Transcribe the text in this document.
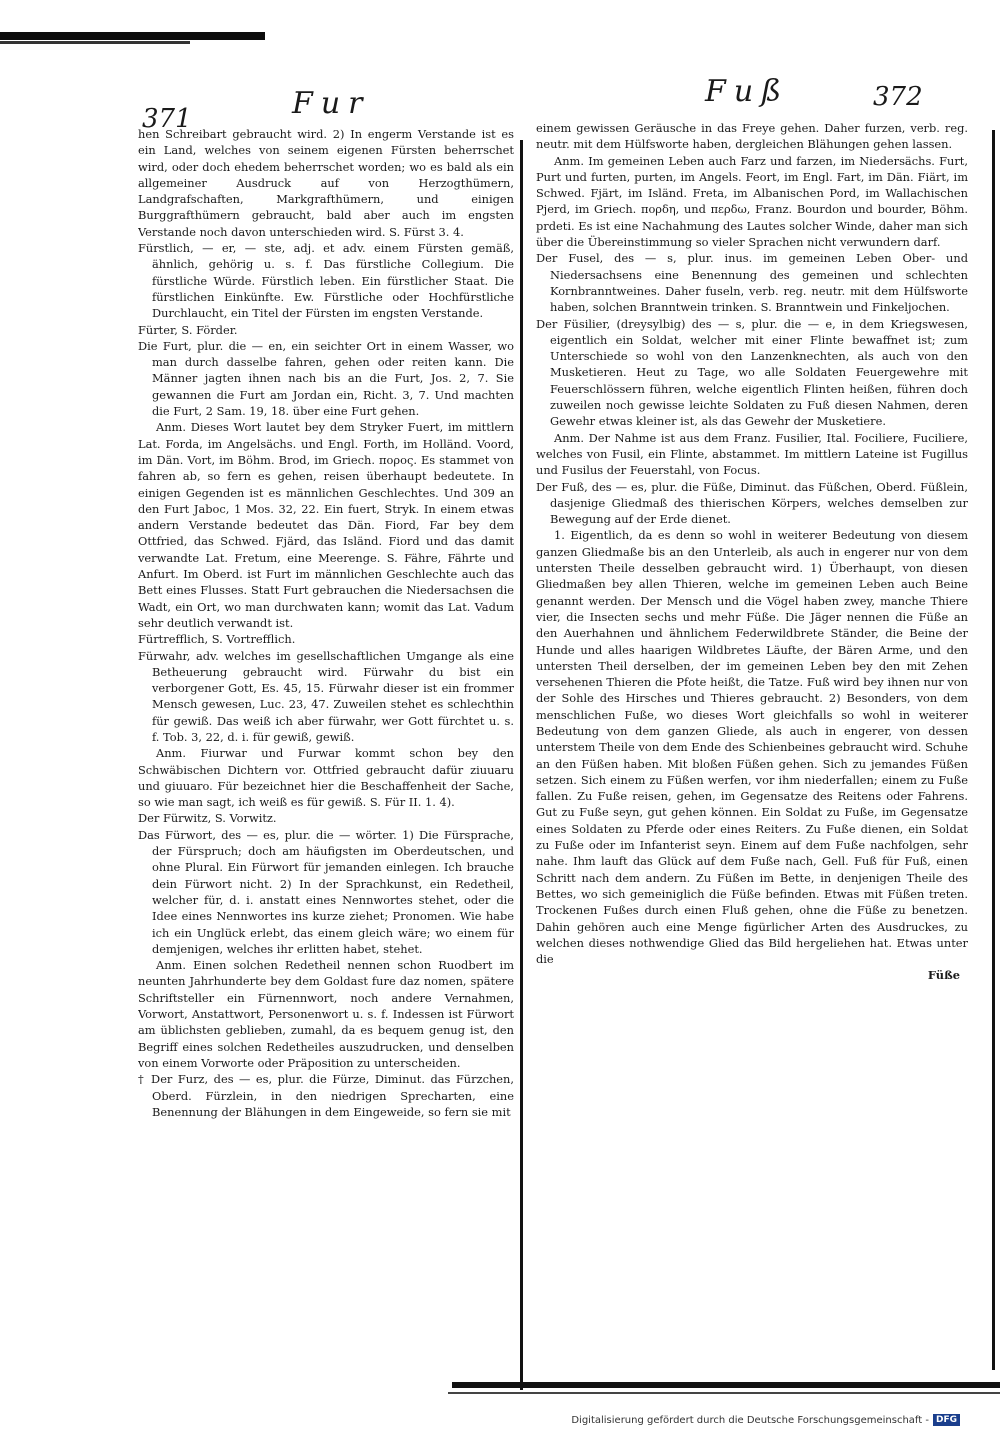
371	Fur	Fuß	372

hen Schreibart gebraucht wird. 2) In engerm Verstande ist es ein Land, welches von seinem eigenen Fürsten beherrschet wird, oder doch ehedem beherrschet worden; wo es bald als ein allgemeiner Ausdruck auf von Herzogthümern, Landgrafschaften, Markgrafthümern, und einigen Burggrafthümern gebraucht, bald aber auch im engsten Verstande noch davon unterschieden wird. S. Fürst 3. 4.

Fürstlich, — er, — ste, adj. et adv. einem Fürsten gemäß, ähnlich, gehörig u. s. f. Das fürstliche Collegium. Die fürstliche Würde. Fürstlich leben. Ein fürstlicher Staat. Die fürstlichen Einkünfte. Ew. Fürstliche oder Hochfürstliche Durchlaucht, ein Titel der Fürsten im engsten Verstande.

Fürter, S. Förder.

Die Furt, plur. die — en, ein seichter Ort in einem Wasser, wo man durch dasselbe fahren, gehen oder reiten kann. Die Männer jagten ihnen nach bis an die Furt, Jos. 2, 7. Sie gewannen die Furt am Jordan ein, Richt. 3, 7. Und machten die Furt, 2 Sam. 19, 18. über eine Furt gehen.

Anm. Dieses Wort lautet bey dem Stryker Fuert, im mittlern Lat. Forda, im Angelsächs. und Engl. Forth, im Holländ. Voord, im Dän. Vort, im Böhm. Brod, im Griech. πορος. Es stammet von fahren ab, so fern es gehen, reisen überhaupt bedeutete. In einigen Gegenden ist es männlichen Geschlechtes. Und 309 an den Furt Jaboc, 1 Mos. 32, 22. Ein fuert, Stryk. In einem etwas andern Verstande bedeutet das Dän. Fiord, Far bey dem Ottfried, das Schwed. Fjärd, das Isländ. Fiord und das damit verwandte Lat. Fretum, eine Meerenge. S. Fähre, Fährte und Anfurt. Im Oberd. ist Furt im männlichen Geschlechte auch das Bett eines Flusses. Statt Furt gebrauchen die Niedersachsen die Wadt, ein Ort, wo man durchwaten kann; womit das Lat. Vadum sehr deutlich verwandt ist.

Fürtrefflich, S. Vortrefflich.

Fürwahr, adv. welches im gesellschaftlichen Umgange als eine Betheuerung gebraucht wird. Fürwahr du bist ein verborgener Gott, Es. 45, 15. Fürwahr dieser ist ein frommer Mensch gewesen, Luc. 23, 47. Zuweilen stehet es schlechthin für gewiß. Das weiß ich aber fürwahr, wer Gott fürchtet u. s. f. Tob. 3, 22, d. i. für gewiß, gewiß.

Anm. Fiurwar und Furwar kommt schon bey den Schwäbischen Dichtern vor. Ottfried gebraucht dafür ziuuaru und giuuaro. Für bezeichnet hier die Beschaffenheit der Sache, so wie man sagt, ich weiß es für gewiß. S. Für II. 1. 4).

Der Fürwitz, S. Vorwitz.

Das Fürwort, des — es, plur. die — wörter. 1) Die Fürsprache, der Fürspruch; doch am häufigsten im Oberdeutschen, und ohne Plural. Ein Fürwort für jemanden einlegen. Ich brauche dein Fürwort nicht. 2) In der Sprachkunst, ein Redetheil, welcher für, d. i. anstatt eines Nennwortes stehet, oder die Idee eines Nennwortes ins kurze ziehet; Pronomen. Wie habe ich ein Unglück erlebt, das einem gleich wäre; wo einem für demjenigen, welches ihr erlitten habet, stehet.

Anm. Einen solchen Redetheil nennen schon Ruodbert im neunten Jahrhunderte bey dem Goldast fure daz nomen, spätere Schriftsteller ein Fürnennwort, noch andere Vernahmen, Vorwort, Anstattwort, Personenwort u. s. f. Indessen ist Fürwort am üblichsten geblieben, zumahl, da es bequem genug ist, den Begriff eines solchen Redetheiles auszudrucken, und denselben von einem Vorworte oder Präposition zu unterscheiden.

† Der Furz, des — es, plur. die Fürze, Diminut. das Fürzchen, Oberd. Fürzlein, in den niedrigen Sprecharten, eine Benennung der Blähungen in dem Eingeweide, so fern sie mit

einem gewissen Geräusche in das Freye gehen. Daher furzen, verb. reg. neutr. mit dem Hülfsworte haben, dergleichen Blähungen gehen lassen.

Anm. Im gemeinen Leben auch Farz und farzen, im Niedersächs. Furt, Purt und furten, purten, im Angels. Feort, im Engl. Fart, im Dän. Fiärt, im Schwed. Fjärt, im Isländ. Freta, im Albanischen Pord, im Wallachischen Pjerd, im Griech. πορδη, und περδω, Franz. Bourdon und bourder, Böhm. prdeti. Es ist eine Nachahmung des Lautes solcher Winde, daher man sich über die Übereinstimmung so vieler Sprachen nicht verwundern darf.

Der Fusel, des — s, plur. inus. im gemeinen Leben Ober- und Niedersachsens eine Benennung des gemeinen und schlechten Kornbranntweines. Daher fuseln, verb. reg. neutr. mit dem Hülfsworte haben, solchen Branntwein trinken. S. Branntwein und Finkeljochen.

Der Füsilier, (dreysylbig) des — s, plur. die — e, in dem Kriegswesen, eigentlich ein Soldat, welcher mit einer Flinte bewaffnet ist; zum Unterschiede so wohl von den Lanzenknechten, als auch von den Musketieren. Heut zu Tage, wo alle Soldaten Feuergewehre mit Feuerschlössern führen, welche eigentlich Flinten heißen, führen doch zuweilen noch gewisse leichte Soldaten zu Fuß diesen Nahmen, deren Gewehr etwas kleiner ist, als das Gewehr der Musketiere.

Anm. Der Nahme ist aus dem Franz. Fusilier, Ital. Fociliere, Fuciliere, welches von Fusil, ein Flinte, abstammet. Im mittlern Lateine ist Fugillus und Fusilus der Feuerstahl, von Focus.

Der Fuß, des — es, plur. die Füße, Diminut. das Füßchen, Oberd. Füßlein, dasjenige Gliedmaß des thierischen Körpers, welches demselben zur Bewegung auf der Erde dienet.

1. Eigentlich, da es denn so wohl in weiterer Bedeutung von diesem ganzen Gliedmaße bis an den Unterleib, als auch in engerer nur von dem untersten Theile desselben gebraucht wird. 1) Überhaupt, von diesen Gliedmaßen bey allen Thieren, welche im gemeinen Leben auch Beine genannt werden. Der Mensch und die Vögel haben zwey, manche Thiere vier, die Insecten sechs und mehr Füße. Die Jäger nennen die Füße an den Auerhahnen und ähnlichem Federwildbrete Ständer, die Beine der Hunde und alles haarigen Wildbretes Läufte, der Bären Arme, und den untersten Theil derselben, der im gemeinen Leben bey den mit Zehen versehenen Thieren die Pfote heißt, die Tatze. Fuß wird bey ihnen nur von der Sohle des Hirsches und Thieres gebraucht. 2) Besonders, von dem menschlichen Fuße, wo dieses Wort gleichfalls so wohl in weiterer Bedeutung von dem ganzen Gliede, als auch in engerer, von dessen unterstem Theile von dem Ende des Schienbeines gebraucht wird. Schuhe an den Füßen haben. Mit bloßen Füßen gehen. Sich zu jemandes Füßen setzen. Sich einem zu Füßen werfen, vor ihm niederfallen; einem zu Fuße fallen. Zu Fuße reisen, gehen, im Gegensatze des Reitens oder Fahrens. Gut zu Fuße seyn, gut gehen können. Ein Soldat zu Fuße, im Gegensatze eines Soldaten zu Pferde oder eines Reiters. Zu Fuße dienen, ein Soldat zu Fuße oder im Infanterist seyn. Einem auf dem Fuße nachfolgen, sehr nahe. Ihm lauft das Glück auf dem Fuße nach, Gell. Fuß für Fuß, einen Schritt nach dem andern. Zu Füßen im Bette, in denjenigen Theile des Bettes, wo sich gemeiniglich die Füße befinden. Etwas mit Füßen treten. Trockenen Fußes durch einen Fluß gehen, ohne die Füße zu benetzen. Dahin gehören auch eine Menge figürlicher Arten des Ausdruckes, zu welchen dieses nothwendige Glied das Bild hergeliehen hat. Etwas unter die

Füße

Digitalisierung gefördert durch die Deutsche Forschungsgemeinschaft - DFG
